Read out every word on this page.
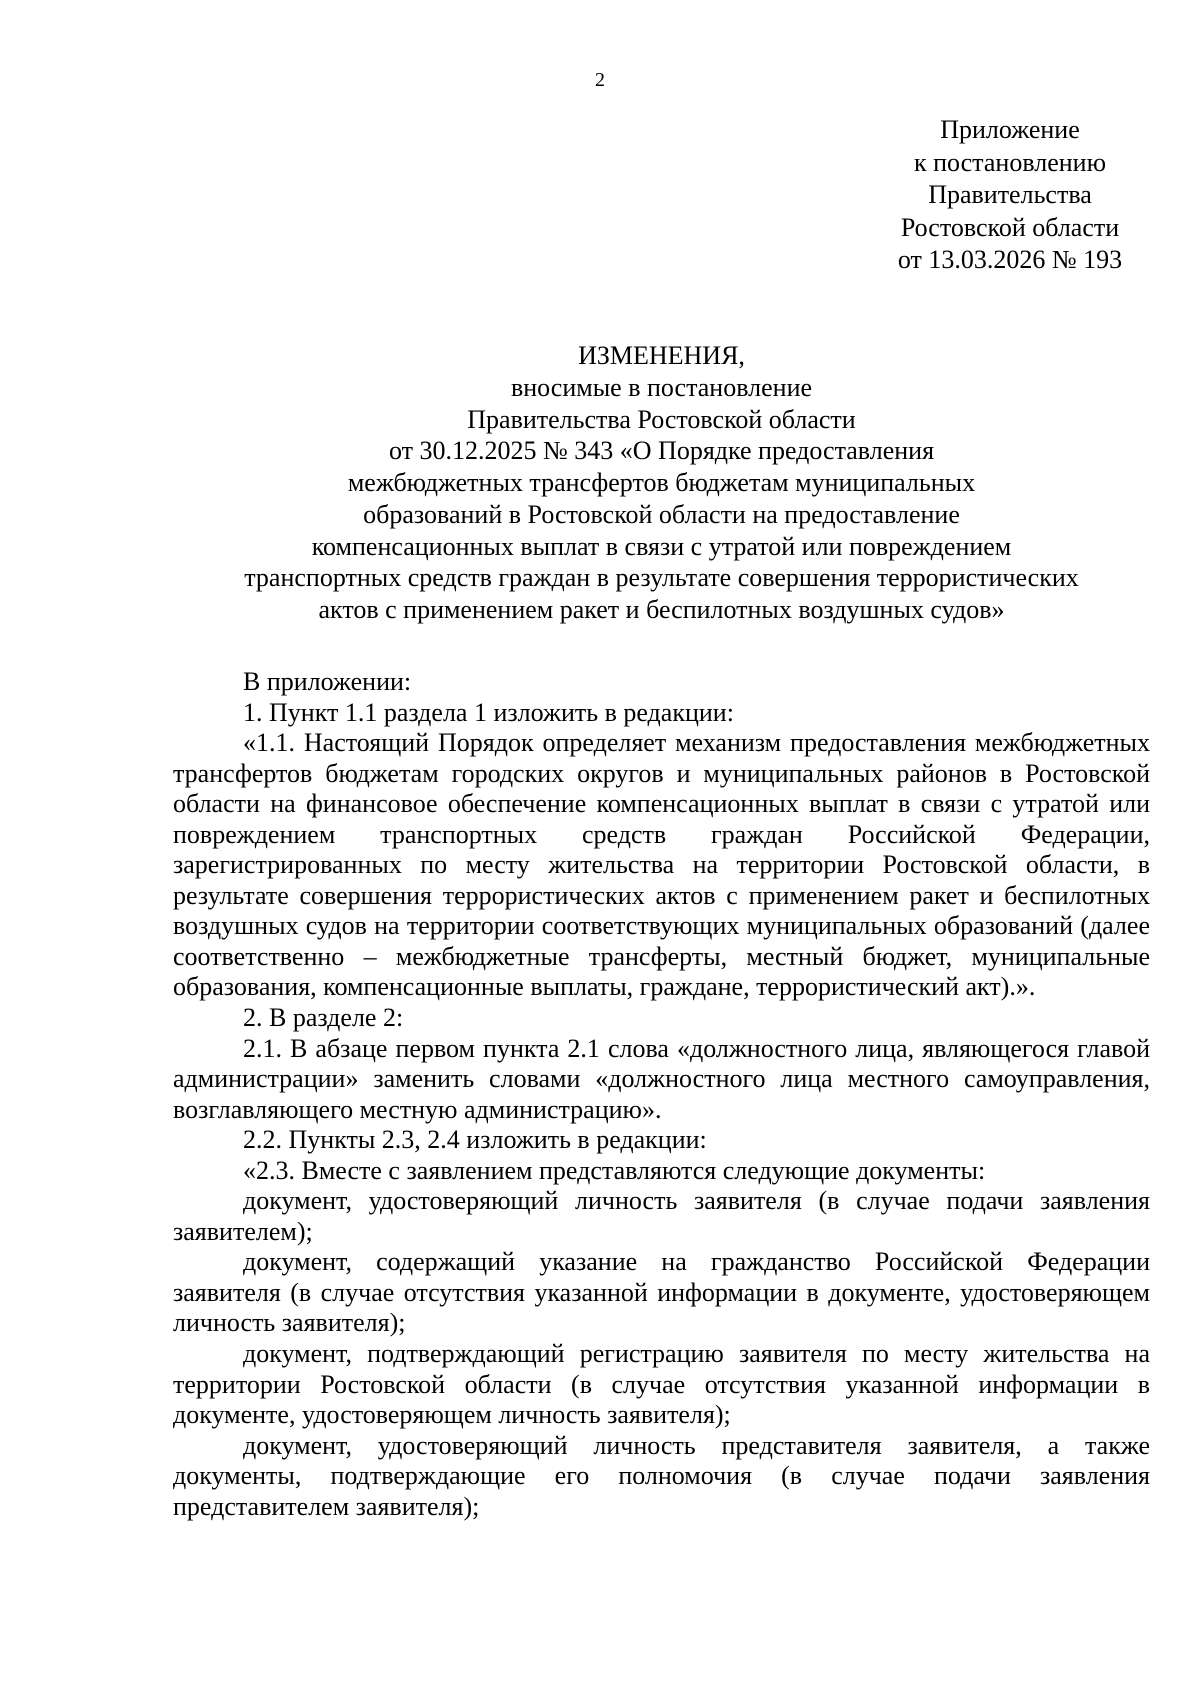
2
Приложение
к постановлению
Правительства
Ростовской области
от 13.03.2026 № 193
ИЗМЕНЕНИЯ,
вносимые в постановление
Правительства Ростовской области
от 30.12.2025 № 343 «О Порядке предоставления
межбюджетных трансфертов бюджетам муниципальных
образований в Ростовской области на предоставление
компенсационных выплат в связи с утратой или повреждением
транспортных средств граждан в результате совершения террористических
актов с применением ракет и беспилотных воздушных судов»

В приложении:

1. Пункт 1.1 раздела 1 изложить в редакции:

«1.1. Настоящий Порядок определяет механизм предоставления межбюджетных трансфертов бюджетам городских округов и муниципальных районов в Ростовской области на финансовое обеспечение компенсационных выплат в связи с утратой или повреждением транспортных средств граждан Российской Федерации, зарегистрированных по месту жительства на территории Ростовской области, в результате совершения террористических актов с применением ракет и беспилотных воздушных судов на территории соответствующих муниципальных образований (далее соответственно – межбюджетные трансферты, местный бюджет, муниципальные образования, компенсационные выплаты, граждане, террористический акт).».

2. В разделе 2:

2.1. В абзаце первом пункта 2.1 слова «должностного лица, являющегося главой администрации» заменить словами «должностного лица местного самоуправления, возглавляющего местную администрацию».

2.2. Пункты 2.3, 2.4 изложить в редакции:

«2.3. Вместе с заявлением представляются следующие документы:

документ, удостоверяющий личность заявителя (в случае подачи заявления заявителем);

документ, содержащий указание на гражданство Российской Федерации заявителя (в случае отсутствия указанной информации в документе, удостоверяющем личность заявителя);

документ, подтверждающий регистрацию заявителя по месту жительства на территории Ростовской области (в случае отсутствия указанной информации в документе, удостоверяющем личность заявителя);

документ, удостоверяющий личность представителя заявителя, а также документы, подтверждающие его полномочия (в случае подачи заявления представителем заявителя);
